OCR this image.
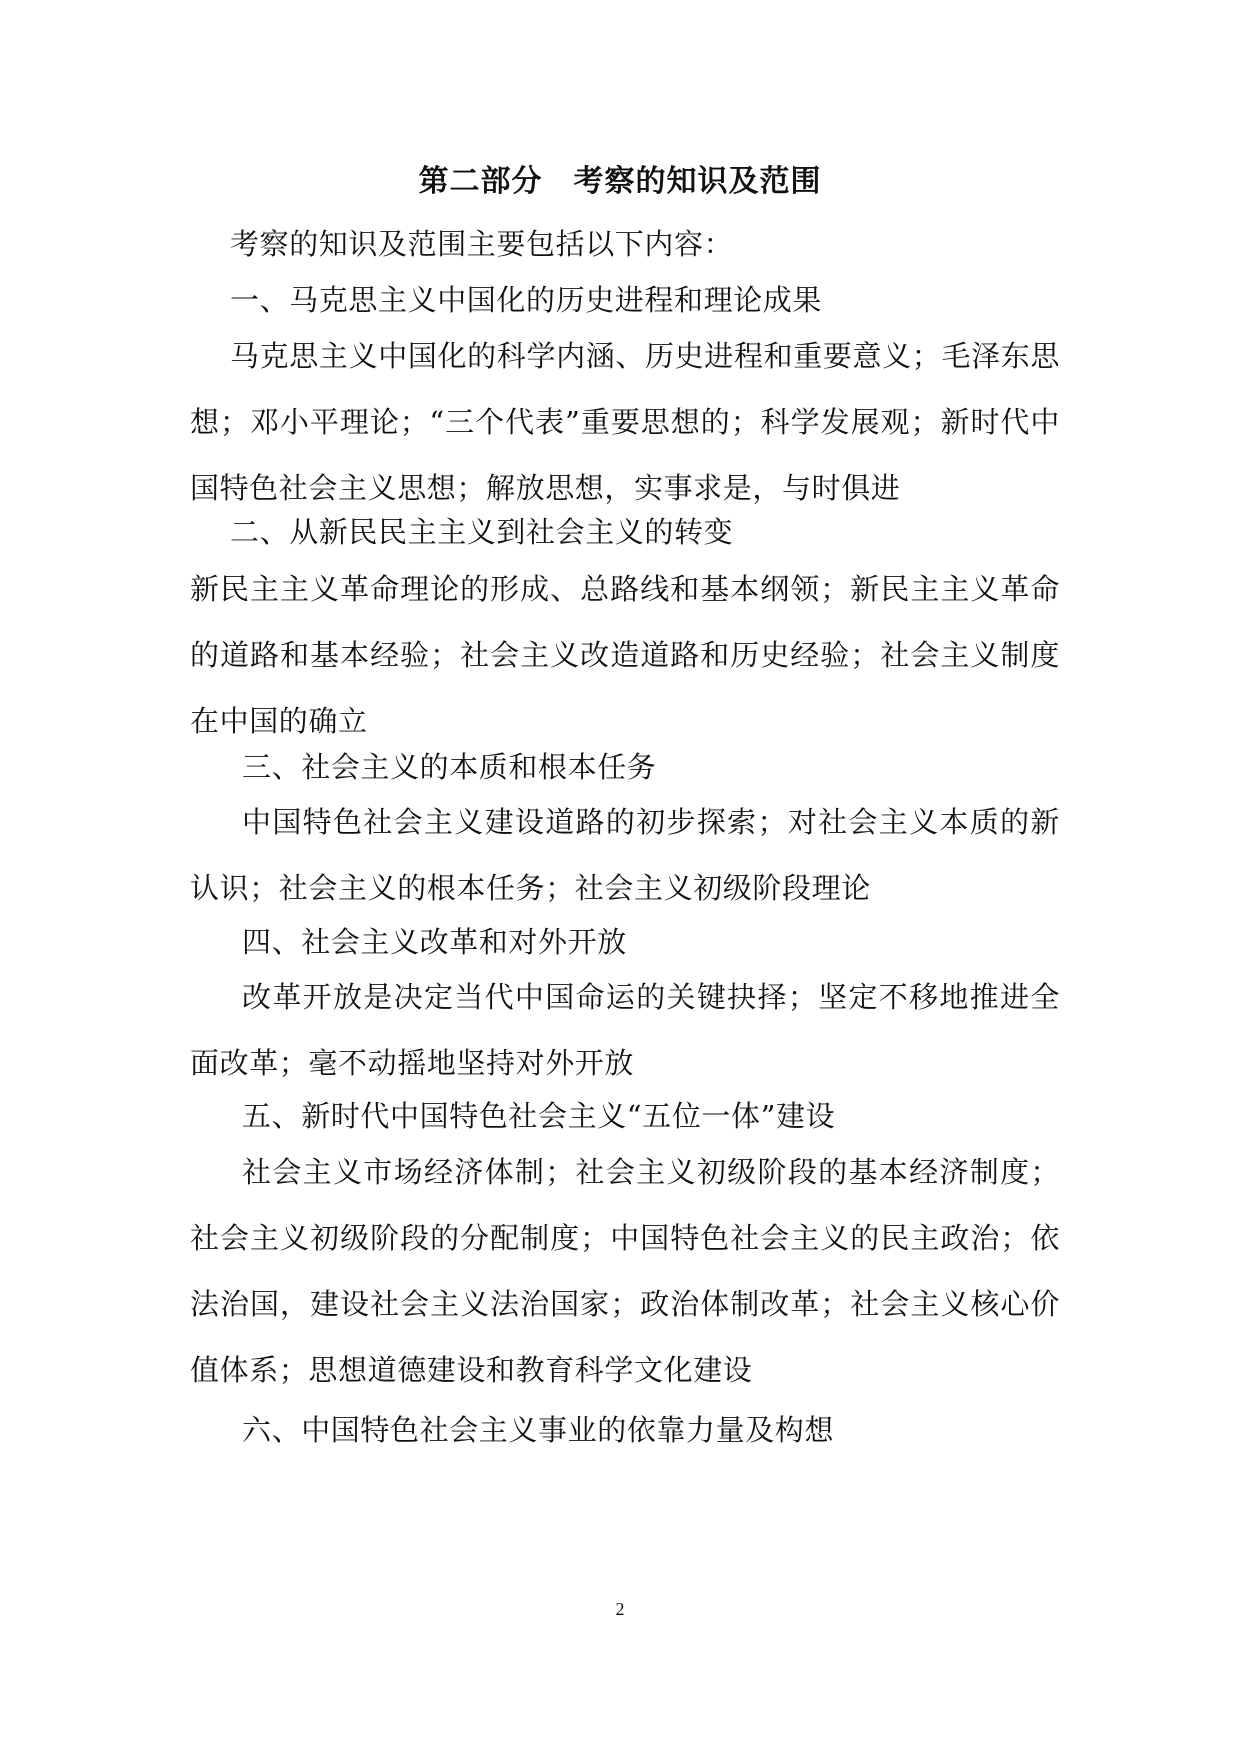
第二部分　考察的知识及范围
考察的知识及范围主要包括以下内容：
一、马克思主义中国化的历史进程和理论成果
马克思主义中国化的科学内涵、历史进程和重要意义；毛泽东思想；邓小平理论；“三个代表”重要思想的；科学发展观；新时代中国特色社会主义思想；解放思想，实事求是，与时俱进
二、从新民民主主义到社会主义的转变
新民主主义革命理论的形成、总路线和基本纲领；新民主主义革命的道路和基本经验；社会主义改造道路和历史经验；社会主义制度在中国的确立
三、社会主义的本质和根本任务
中国特色社会主义建设道路的初步探索；对社会主义本质的新认识；社会主义的根本任务；社会主义初级阶段理论
四、社会主义改革和对外开放
改革开放是决定当代中国命运的关键抉择；坚定不移地推进全面改革；毫不动摇地坚持对外开放
五、新时代中国特色社会主义“五位一体”建设
社会主义市场经济体制；社会主义初级阶段的基本经济制度；社会主义初级阶段的分配制度；中国特色社会主义的民主政治；依法治国，建设社会主义法治国家；政治体制改革；社会主义核心价值体系；思想道德建设和教育科学文化建设
六、中国特色社会主义事业的依靠力量及构想
2
